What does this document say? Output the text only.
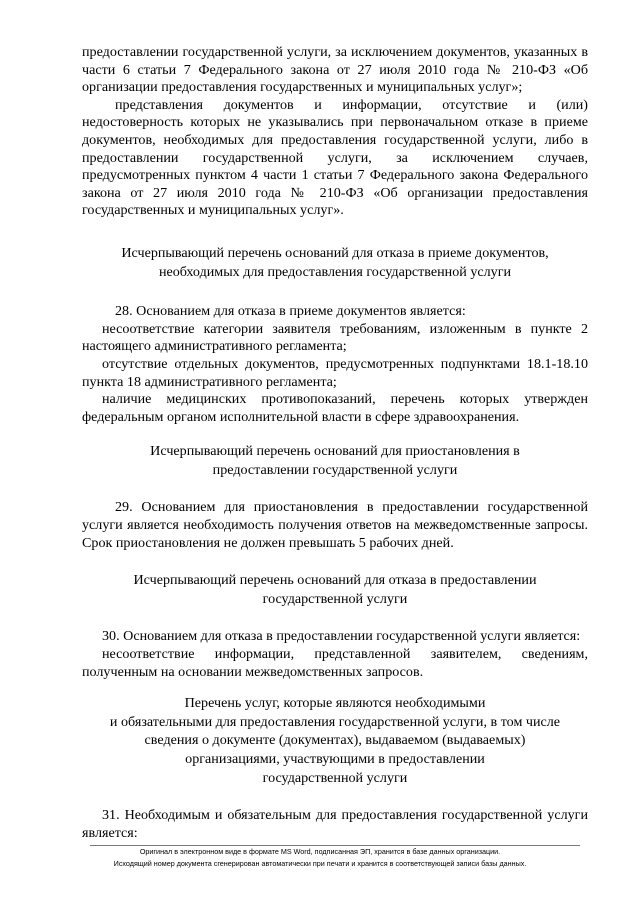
предоставлении государственной услуги, за исключением документов, указанных в части 6 статьи 7 Федерального закона от 27 июля 2010 года № 210-ФЗ «Об организации предоставления государственных и муниципальных услуг»;

представления документов и информации, отсутствие и (или) недостоверность которых не указывались при первоначальном отказе в приеме документов, необходимых для предоставления государственной услуги, либо в предоставлении государственной услуги, за исключением случаев, предусмотренных пунктом 4 части 1 статьи 7 Федерального закона Федерального закона от 27 июля 2010 года № 210-ФЗ «Об организации предоставления государственных и муниципальных услуг».

Исчерпывающий перечень оснований для отказа в приеме документов,

необходимых для предоставления государственной услуги

28. Основанием для отказа в приеме документов является:

несоответствие категории заявителя требованиям, изложенным в пункте 2 настоящего административного регламента;

отсутствие отдельных документов, предусмотренных подпунктами 18.1-18.10 пункта 18 административного регламента;

наличие медицинских противопоказаний, перечень которых утвержден федеральным органом исполнительной власти в сфере здравоохранения.

Исчерпывающий перечень оснований для приостановления в

предоставлении государственной услуги

29. Основанием для приостановления в предоставлении государственной услуги является необходимость получения ответов на межведомственные запросы. Срок приостановления не должен превышать 5 рабочих дней.

Исчерпывающий перечень оснований для отказа в предоставлении

государственной услуги

30. Основанием для отказа в предоставлении государственной услуги является:

несоответствие информации, представленной заявителем, сведениям, полученным на основании межведомственных запросов.

Перечень услуг, которые являются необходимыми

и обязательными для предоставления государственной услуги, в том числе

сведения о документе (документах), выдаваемом (выдаваемых)

организациями, участвующими в предоставлении

государственной услуги

31. Необходимым и обязательным для предоставления государственной услуги является:

Оригинал в электронном виде в формате MS Word, подписанная ЭП, хранится в базе данных организации.
Исходящий номер документа сгенерирован автоматически при печати и хранится в соответствующей записи базы данных.
